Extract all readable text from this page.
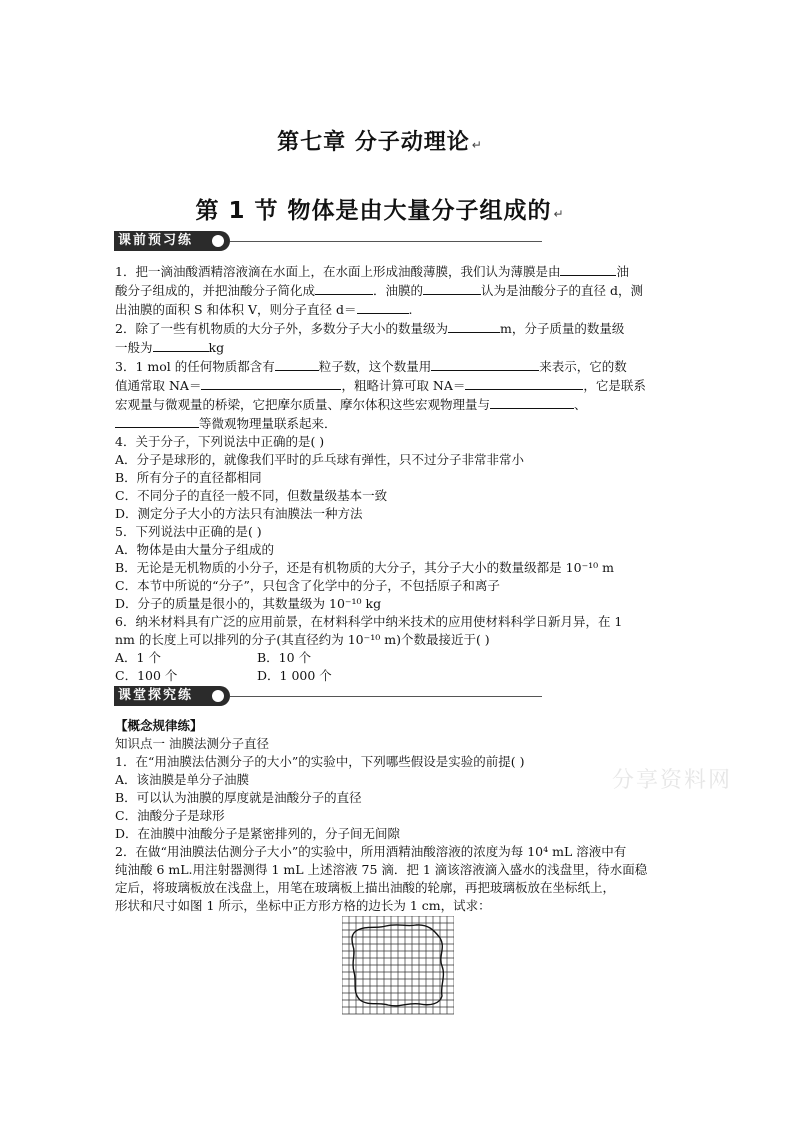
第七章 分子动理论 ↵
第 1 节 物体是由大量分子组成的 ↵
课前预习练

1．把一滴油酸酒精溶液滴在水面上，在水面上形成油酸薄膜，我们认为薄膜是由	油

酸分子组成的，并把油酸分子简化成	．油膜的	认为是油酸分子的直径 d，测

出油膜的面积 S 和体积 V，则分子直径 d＝	.

2．除了一些有机物质的大分子外，多数分子大小的数量级为	m，分子质量的数量级

一般为	kg

3．1 mol 的任何物质都含有	粒子数，这个数量用	来表示，它的数

值通常取 NA＝	，粗略计算可取 NA＝	，它是联系

宏观量与微观量的桥梁，它把摩尔质量、摩尔体积这些宏观物理量与	、

等微观物理量联系起来．

4．关于分子，下列说法中正确的是( )

A．分子是球形的，就像我们平时的乒乓球有弹性，只不过分子非常非常小

B．所有分子的直径都相同

C．不同分子的直径一般不同，但数量级基本一致

D．测定分子大小的方法只有油膜法一种方法

5．下列说法中正确的是( )

A．物体是由大量分子组成的

B．无论是无机物质的小分子，还是有机物质的大分子，其分子大小的数量级都是 10⁻¹⁰ m

C．本节中所说的“分子”，只包含了化学中的分子，不包括原子和离子

D．分子的质量是很小的，其数量级为 10⁻¹⁰ kg

6．纳米材料具有广泛的应用前景，在材料科学中纳米技术的应用使材料科学日新月异，在 1

nm 的长度上可以排列的分子(其直径约为 10⁻¹⁰ m)个数最接近于( )

A．1 个	B．10 个

C．100 个	D．1 000 个

课堂探究练

【概念规律练】

知识点一 油膜法测分子直径

1．在“用油膜法估测分子的大小”的实验中，下列哪些假设是实验的前提( )

A．该油膜是单分子油膜

B．可以认为油膜的厚度就是油酸分子的直径

C．油酸分子是球形

D．在油膜中油酸分子是紧密排列的，分子间无间隙

2．在做“用油膜法估测分子大小”的实验中，所用酒精油酸溶液的浓度为每 10⁴ mL 溶液中有

纯油酸 6 mL.用注射器测得 1 mL 上述溶液 75 滴．把 1 滴该溶液滴入盛水的浅盘里，待水面稳

定后，将玻璃板放在浅盘上，用笔在玻璃板上描出油酸的轮廓，再把玻璃板放在坐标纸上，

形状和尺寸如图 1 所示，坐标中正方形方格的边长为 1 cm，试求：

分享资料网
